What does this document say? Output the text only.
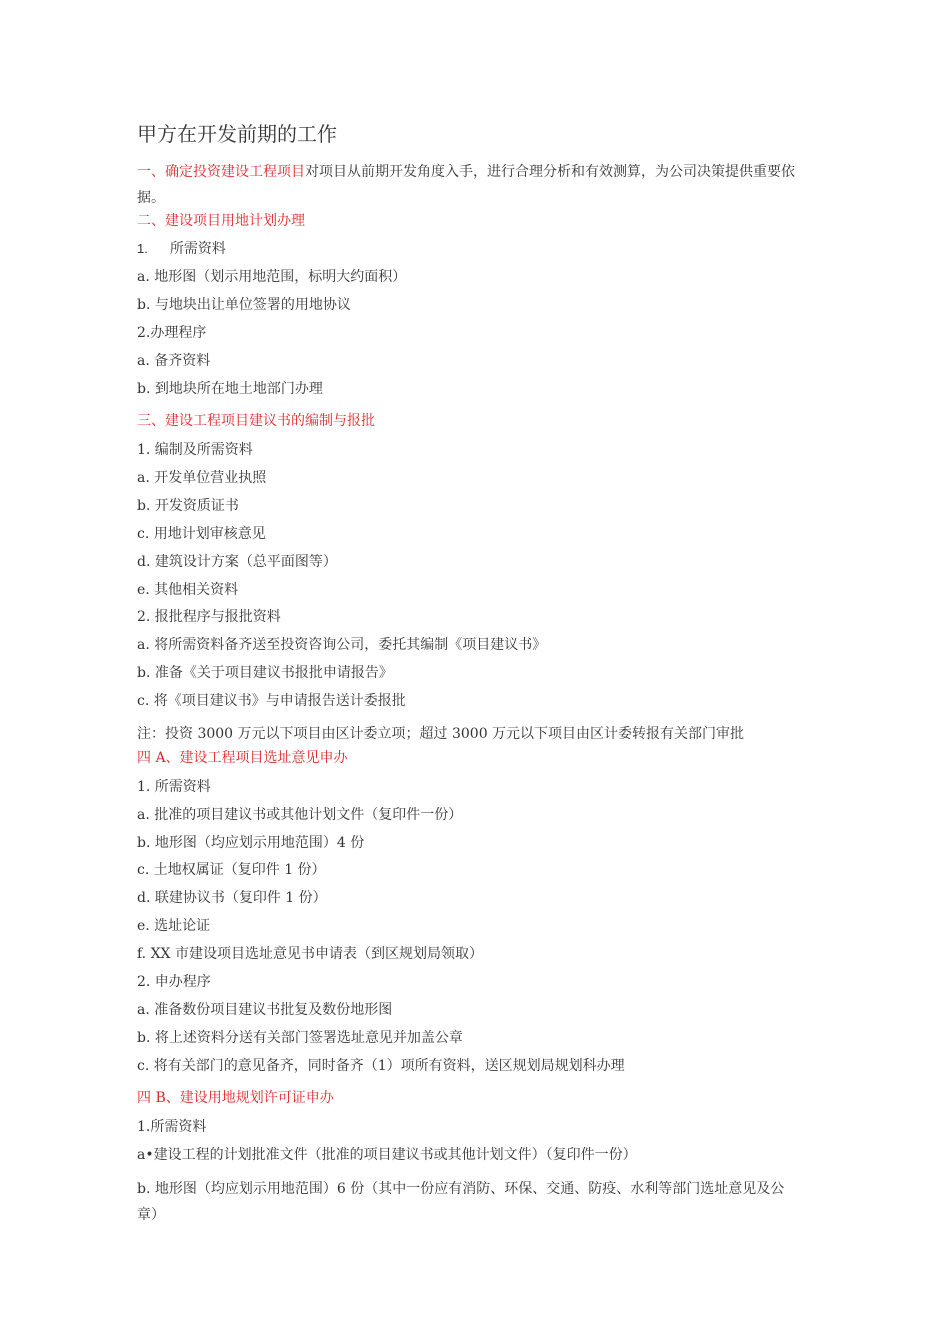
甲方在开发前期的工作
一、确定投资建设工程项目对项目从前期开发角度入手，进行合理分析和有效测算，为公司决策提供重要依据。
二、建设项目用地计划办理
1. 所需资料
a. 地形图（划示用地范围，标明大约面积）
b. 与地块出让单位签署的用地协议
2.办理程序
a. 备齐资料
b. 到地块所在地土地部门办理
三、建设工程项目建议书的编制与报批
1. 编制及所需资料
a. 开发单位营业执照
b. 开发资质证书
c. 用地计划审核意见
d. 建筑设计方案（总平面图等）
e. 其他相关资料
2. 报批程序与报批资料
a. 将所需资料备齐送至投资咨询公司，委托其编制《项目建议书》
b. 准备《关于项目建议书报批申请报告》
c. 将《项目建议书》与申请报告送计委报批
注：投资 3000 万元以下项目由区计委立项；超过 3000 万元以下项目由区计委转报有关部门审批
四 A、建设工程项目选址意见申办
1. 所需资料
a. 批准的项目建议书或其他计划文件（复印件一份）
b. 地形图（均应划示用地范围）4 份
c. 土地权属证（复印件 1 份）
d. 联建协议书（复印件 1 份）
e. 选址论证
f. XX 市建设项目选址意见书申请表（到区规划局领取）
2. 申办程序
a. 准备数份项目建议书批复及数份地形图
b. 将上述资料分送有关部门签署选址意见并加盖公章
c. 将有关部门的意见备齐，同时备齐（1）项所有资料，送区规划局规划科办理
四 B、建设用地规划许可证申办
1.所需资料
a•建设工程的计划批准文件（批准的项目建议书或其他计划文件）（复印件一份）
b. 地形图（均应划示用地范围）6 份（其中一份应有消防、环保、交通、防疫、水利等部门选址意见及公章）
